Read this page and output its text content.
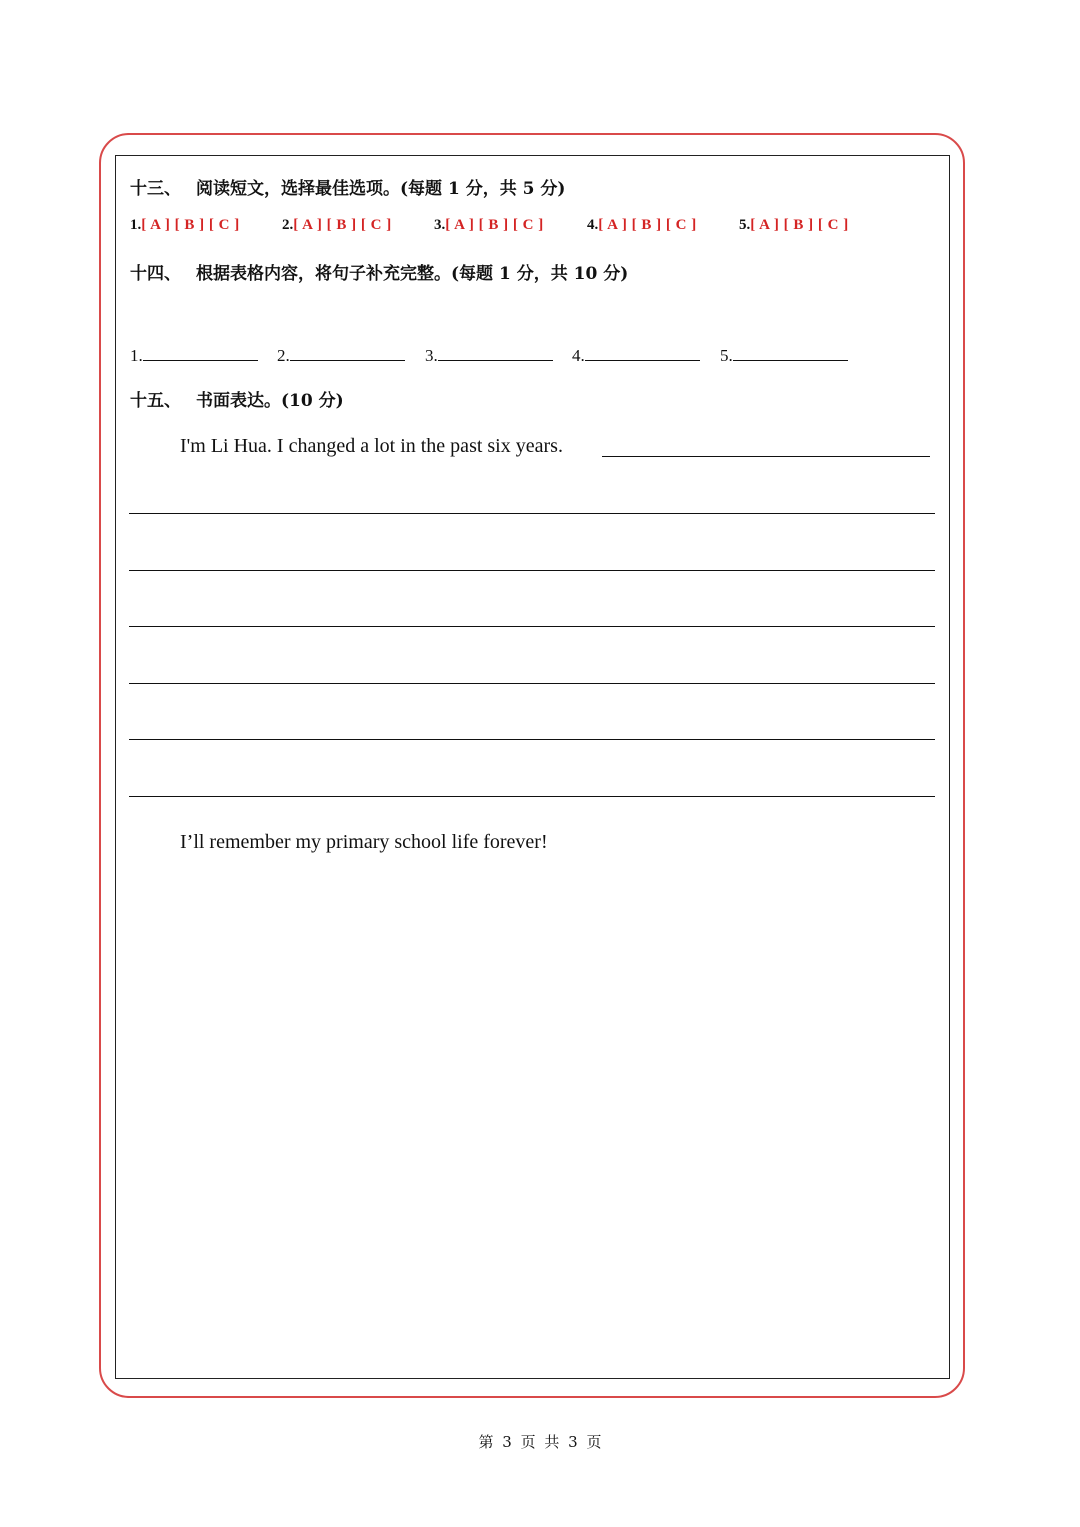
十三、 阅读短文，选择最佳选项。(每题 1 分，共 5 分)
1.[ A ] [ B ] [ C ]	2.[ A ] [ B ] [ C ]	3.[ A ] [ B ] [ C ]	4.[ A ] [ B ] [ C ]	5.[ A ] [ B ] [ C ]
十四、 根据表格内容，将句子补充完整。(每题 1 分，共 10 分)
1.	2.	3.	4.	5.
十五、 书面表达。(10 分)
I'm Li Hua. I changed a lot in the past six years.
I’ll remember my primary school life forever!
第 3 页 共 3 页
